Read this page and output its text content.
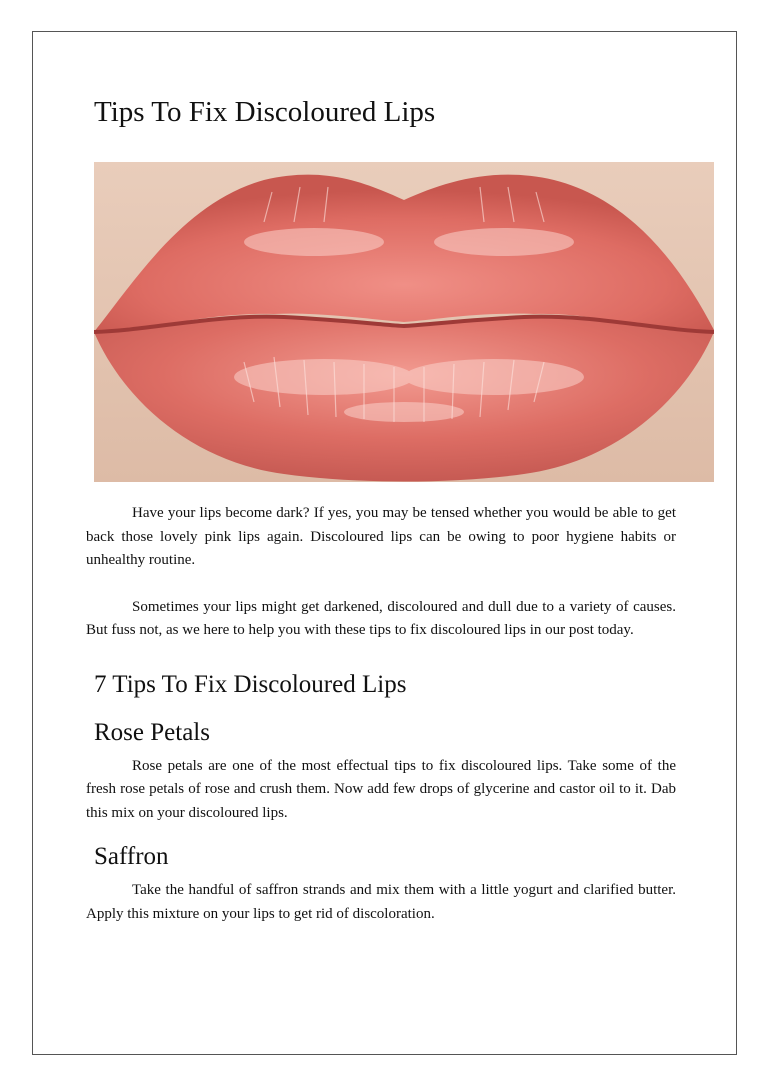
Tips To Fix Discoloured Lips

Have your lips become dark? If yes, you may be tensed whether you would be able to get back those lovely pink lips again. Discoloured lips can be owing to poor hygiene habits or unhealthy routine.

Sometimes your lips might get darkened, discoloured and dull due to a variety of causes. But fuss not, as we here to help you with these tips to fix discoloured lips in our post today.

7 Tips To Fix Discoloured Lips
Rose Petals

Rose petals are one of the most effectual tips to fix discoloured lips. Take some of the fresh rose petals of rose and crush them. Now add few drops of glycerine and castor oil to it. Dab this mix on your discoloured lips.

Saffron

Take the handful of saffron strands and mix them with a little yogurt and clarified butter. Apply this mixture on your lips to get rid of discoloration.
